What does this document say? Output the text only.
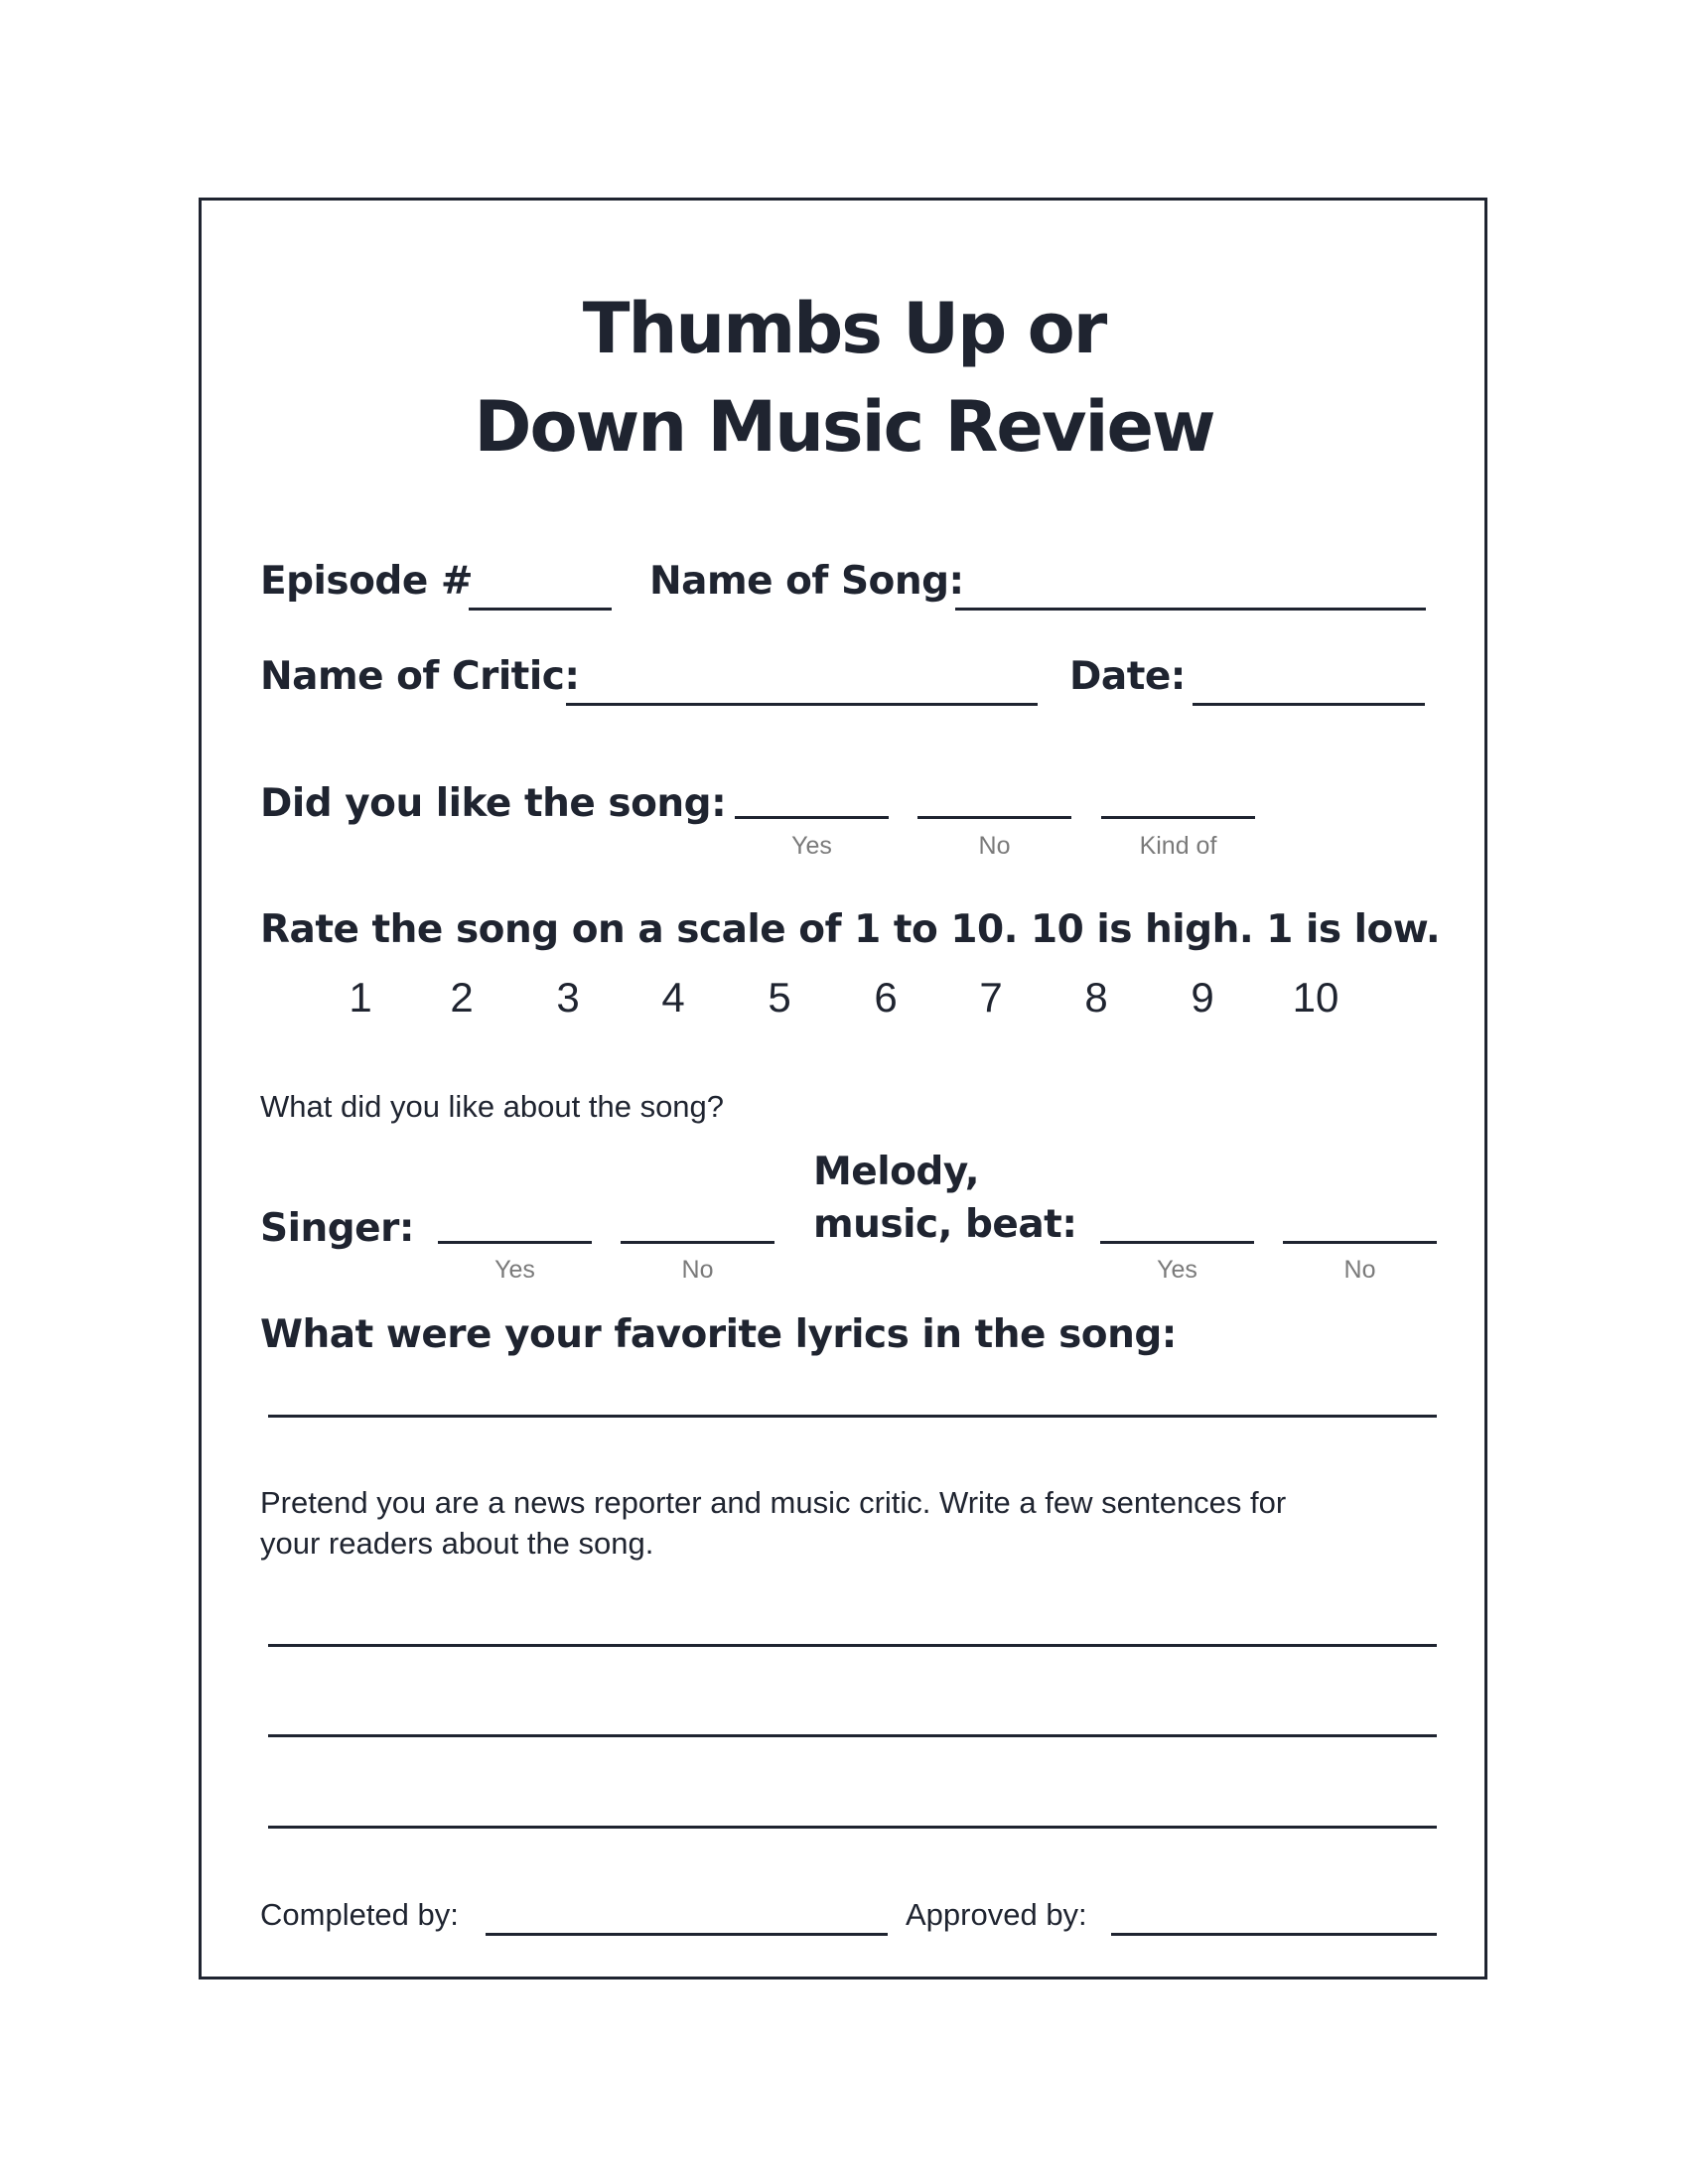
Thumbs Up or
Down Music Review
Episode #	Name of Song:
Name of Critic:	Date:
Did you like the song:
Yes	No	Kind of
Rate the song on a scale of 1 to 10. 10 is high. 1 is low.
1	2	3	4	5	6	7	8	9	10
What did you like about the song?
Singer:
Yes	No
Melody,
music, beat:
Yes	No
What were your favorite lyrics in the song:
Pretend you are a news reporter and music critic. Write a few sentences for
your readers about the song.
Completed by:	Approved by:
